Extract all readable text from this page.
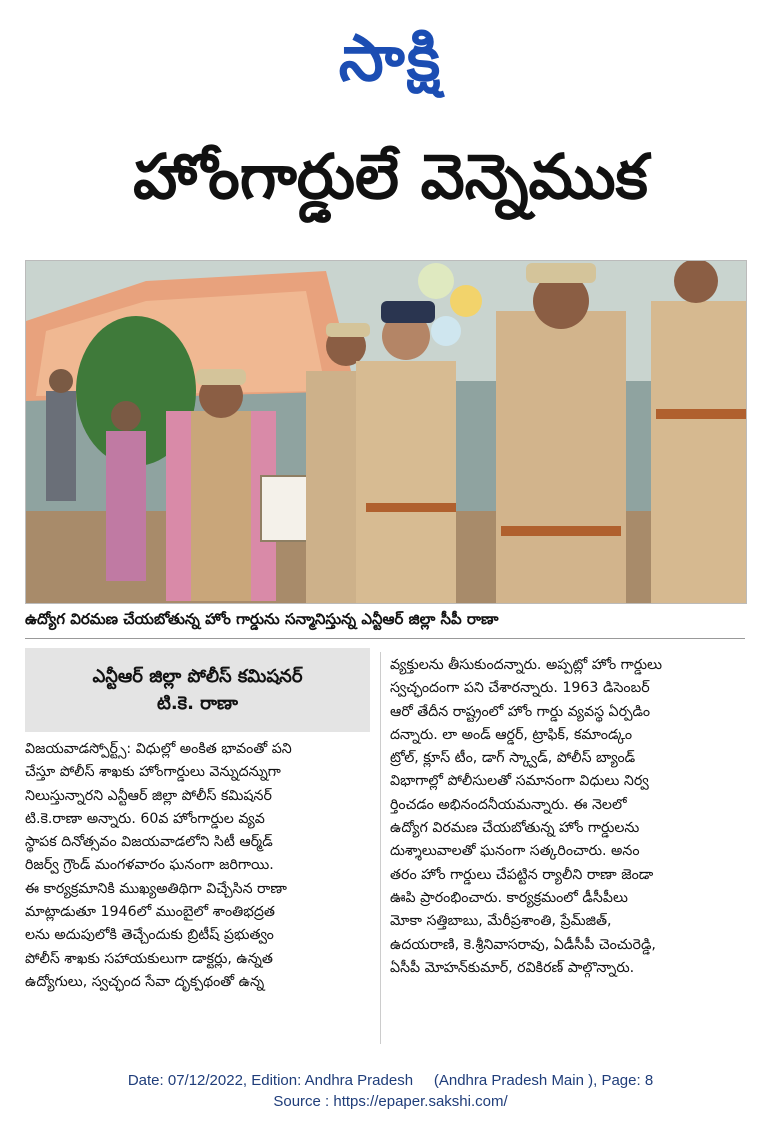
సాక్షి
హోంగార్డులే వెన్నెముక
ఉద్యోగ విరమణ చేయబోతున్న హోం గార్డును సన్మానిస్తున్న ఎన్టీఆర్ జిల్లా సీపీ రాణా
ఎన్టీఆర్ జిల్లా పోలీస్ కమిషనర్
టి.కె. రాణా

విజయవాడస్పోర్ట్స్: విధుల్లో అంకిత భావంతో పని

చేస్తూ పోలీస్ శాఖకు హోంగార్డులు వెన్నుదన్నుగా

నిలుస్తున్నారని ఎన్టీఆర్ జిల్లా పోలీస్ కమిషనర్

టి.కె.రాణా అన్నారు. 60వ హోంగార్డుల వ్యవ

స్థాపక దినోత్సవం విజయవాడలోని సిటీ ఆర్మ్‌డ్

రిజర్వ్ గ్రౌండ్ మంగళవారం ఘనంగా జరిగాయి.

ఈ కార్యక్రమానికి ముఖ్యఅతిథిగా విచ్చేసిన రాణా

మాట్లాడుతూ 1946లో ముంబైలో శాంతిభద్రత

లను అదుపులోకి తెచ్చేందుకు బ్రిటీష్ ప్రభుత్వం

పోలీస్ శాఖకు సహాయకులుగా డాక్టర్లు, ఉన్నత

ఉద్యోగులు, స్వచ్ఛంద సేవా దృక్పథంతో ఉన్న

వ్యక్తులను తీసుకుందన్నారు. అప్పట్లో హోం గార్డులు

స్వచ్ఛందంగా పని చేశారన్నారు. 1963 డిసెంబర్

ఆరో తేదీన రాష్ట్రంలో హోం గార్డు వ్యవస్థ ఏర్పడిం

దన్నారు. లా అండ్ ఆర్డర్, ట్రాఫిక్, కమాండ్కం

ట్రోల్, క్లూస్ టీం, డాగ్ స్క్వాడ్, పోలీస్ బ్యాండ్

విభాగాల్లో పోలీసులతో సమానంగా విధులు నిర్వ

ర్తించడం అభినందనీయమన్నారు. ఈ నెలలో

ఉద్యోగ విరమణ చేయబోతున్న హోం గార్డులను

దుశ్శాలువాలతో ఘనంగా సత్కరించారు. అనం

తరం హోం గార్డులు చేపట్టిన ర్యాలీని రాణా జెండా

ఊపి ప్రారంభించారు. కార్యక్రమంలో డీసీపీలు

మోకా సత్తిబాబు, మేరీప్రశాంతి, ప్రేమ్‌జిత్,

ఉదయరాణి, కె.శ్రీనివాసరావు, ఏడీసీపీ చెంచురెడ్డి,

ఏసీపీ మోహన్‌కుమార్, రవికిరణ్ పాల్గొన్నారు.

Date: 07/12/2022, Edition: Andhra Pradesh     (Andhra Pradesh Main ), Page: 8
Source : https://epaper.sakshi.com/
